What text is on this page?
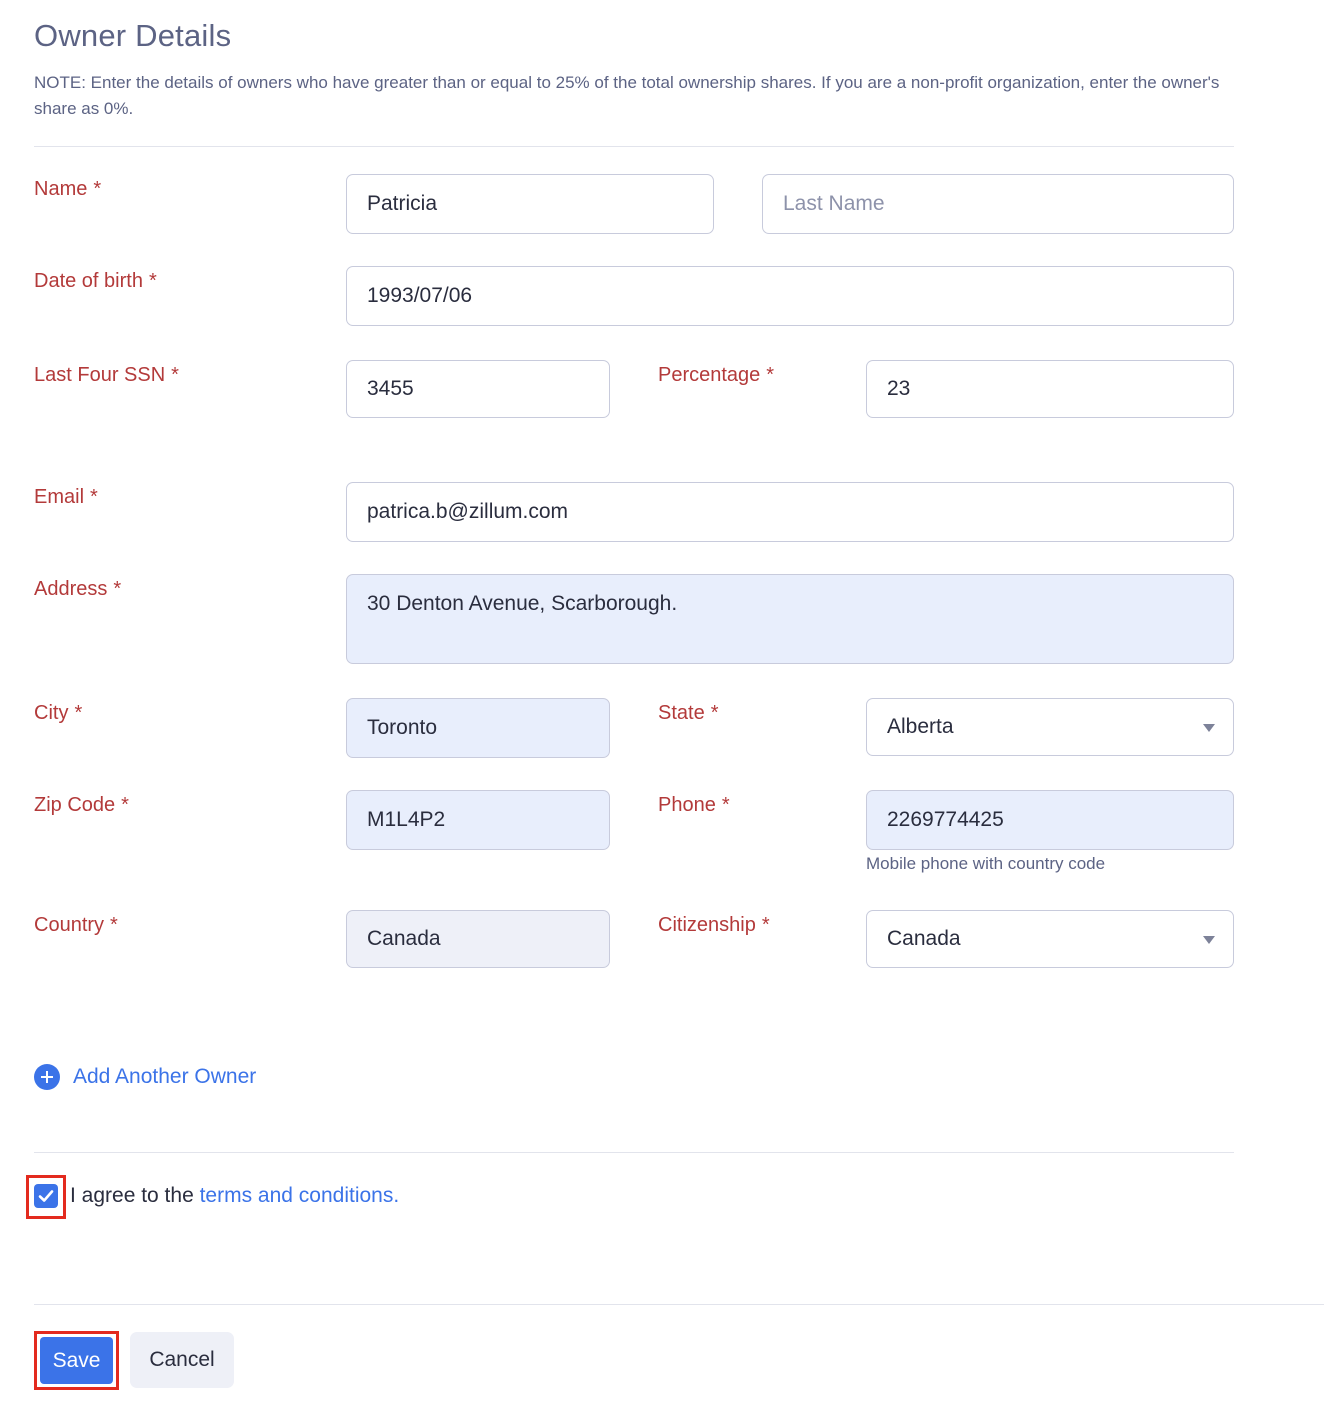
Owner Details
NOTE: Enter the details of owners who have greater than or equal to 25% of the total ownership shares. If you are a non-profit organization, enter the owner's share as 0%.
Name *
Patricia
Last Name
Date of birth *
1993/07/06
Last Four SSN *
3455	Percentage *
23
Email *
patrica.b@zillum.com
Address *
30 Denton Avenue, Scarborough.
City *
Toronto	State *
Alberta
Zip Code *
M1L4P2	Phone *
2269774425
Mobile phone with country code
Country *
Canada	Citizenship *
Canada
Add Another Owner
I agree to the terms and conditions.
Save	Cancel
